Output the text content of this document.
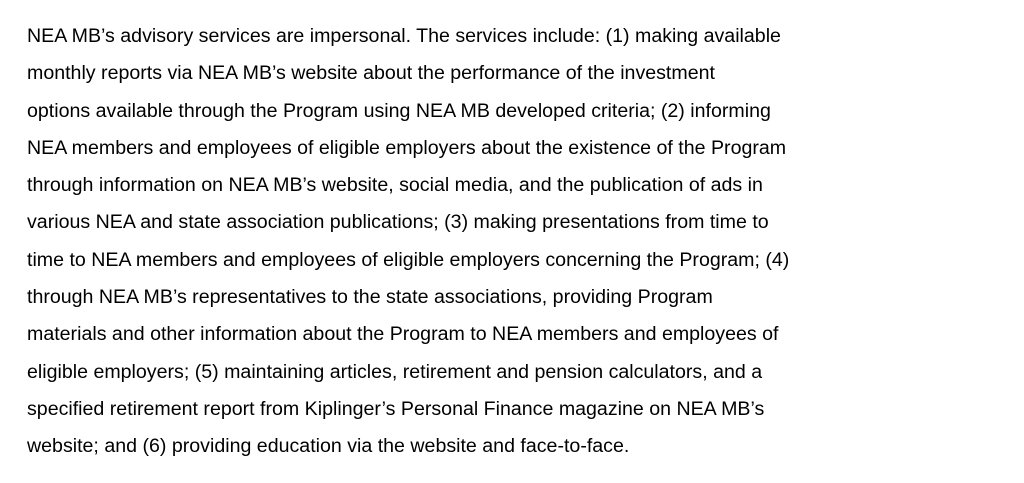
NEA MB’s advisory services are impersonal. The services include: (1) making available
monthly reports via NEA MB’s website about the performance of the investment
options available through the Program using NEA MB developed criteria; (2) informing
NEA members and employees of eligible employers about the existence of the Program
through information on NEA MB’s website, social media, and the publication of ads in
various NEA and state association publications; (3) making presentations from time to
time to NEA members and employees of eligible employers concerning the Program; (4)
through NEA MB’s representatives to the state associations, providing Program
materials and other information about the Program to NEA members and employees of
eligible employers; (5) maintaining articles, retirement and pension calculators, and a
specified retirement report from Kiplinger’s Personal Finance magazine on NEA MB’s
website; and (6) providing education via the website and face-to-face.
